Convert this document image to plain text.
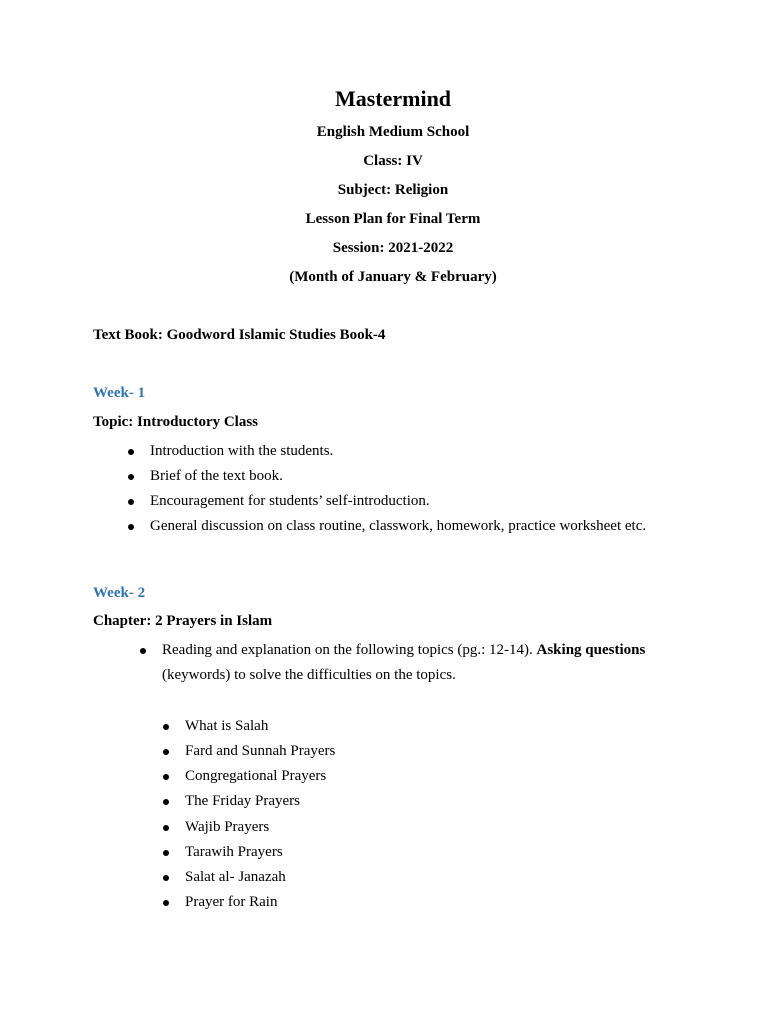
Mastermind
English Medium School
Class: IV
Subject: Religion
Lesson Plan for Final Term
Session: 2021-2022
(Month of January & February)
Text Book: Goodword Islamic Studies Book-4
Week- 1
Topic: Introductory Class
Introduction with the students.
Brief of the text book.
Encouragement for students’ self-introduction.
General discussion on class routine, classwork, homework, practice worksheet etc.
Week- 2
Chapter: 2 Prayers in Islam
Reading and explanation on the following topics (pg.: 12-14). Asking questions
(keywords) to solve the difficulties on the topics.
What is Salah
Fard and Sunnah Prayers
Congregational Prayers
The Friday Prayers
Wajib Prayers
Tarawih Prayers
Salat al- Janazah
Prayer for Rain
